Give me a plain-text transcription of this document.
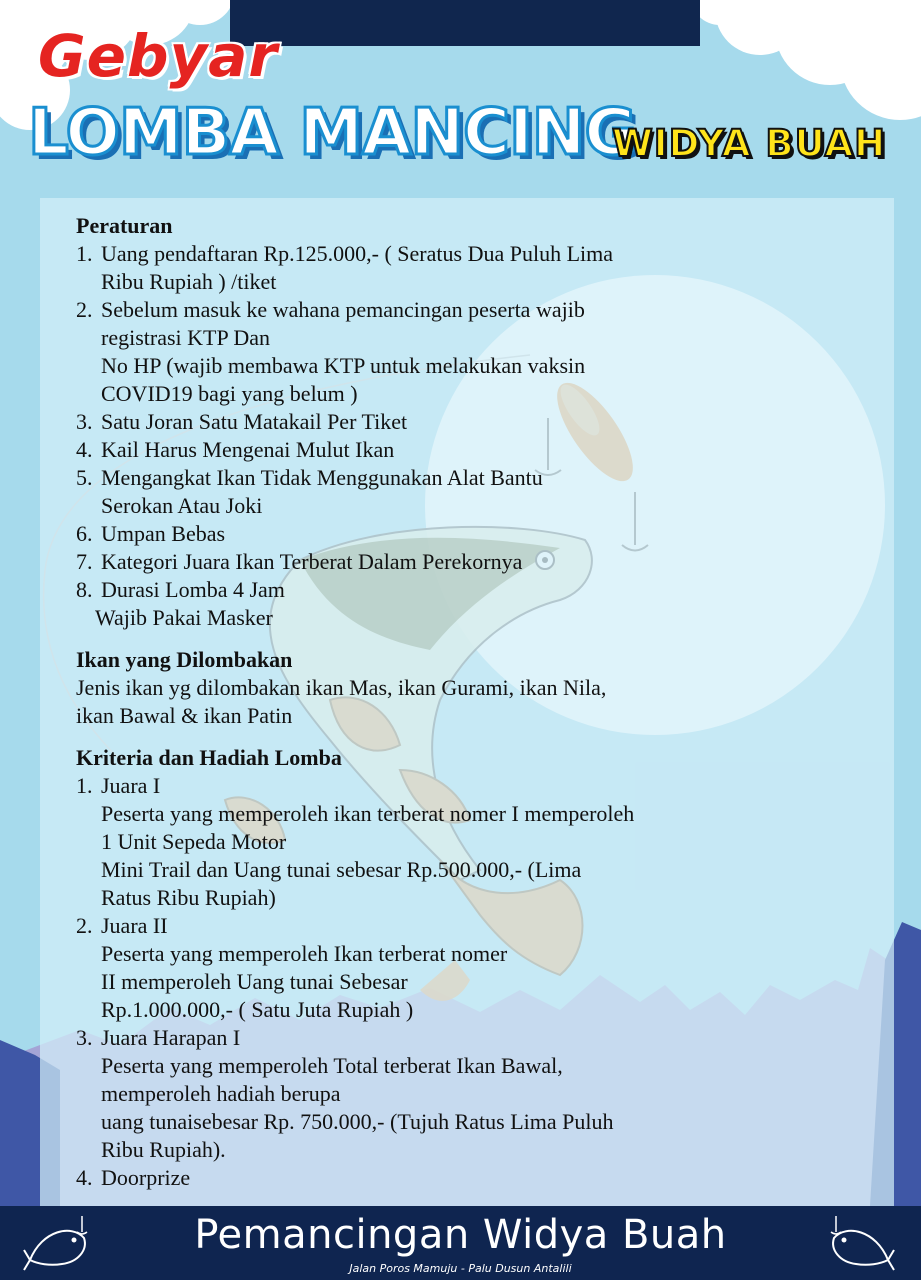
Gebyar
LOMBA MANCING
WIDYA BUAH

Peraturan

1. Uang pendaftaran Rp.125.000,- ( Seratus Dua Puluh Lima
Ribu Rupiah ) /tiket
2. Sebelum masuk ke wahana pemancingan peserta wajib
registrasi KTP Dan
No HP (wajib membawa KTP untuk melakukan vaksin
COVID19 bagi yang belum )
3. Satu Joran Satu Matakail Per Tiket
4. Kail Harus Mengenai Mulut Ikan
5. Mengangkat Ikan Tidak Menggunakan Alat Bantu
Serokan Atau Joki
6. Umpan Bebas
7. Kategori Juara Ikan Terberat Dalam Perekornya
8. Durasi Lomba 4 Jam
Wajib Pakai Masker

Ikan yang Dilombakan

Jenis ikan yg dilombakan ikan Mas, ikan Gurami, ikan Nila,
ikan Bawal & ikan Patin

Kriteria dan Hadiah Lomba

1. Juara I
Peserta yang memperoleh ikan terberat nomer I memperoleh
1 Unit Sepeda Motor
Mini Trail dan Uang tunai sebesar Rp.500.000,- (Lima
Ratus Ribu Rupiah)
2. Juara II
Peserta yang memperoleh Ikan terberat nomer
II memperoleh Uang tunai Sebesar
Rp.1.000.000,- ( Satu Juta Rupiah )
3. Juara Harapan I
Peserta yang memperoleh Total terberat Ikan Bawal,
memperoleh hadiah berupa
uang tunaisebesar Rp. 750.000,- (Tujuh Ratus Lima Puluh
Ribu Rupiah).
4. Doorprize
Pemancingan Widya Buah
Jalan Poros Mamuju - Palu Dusun Antalili
